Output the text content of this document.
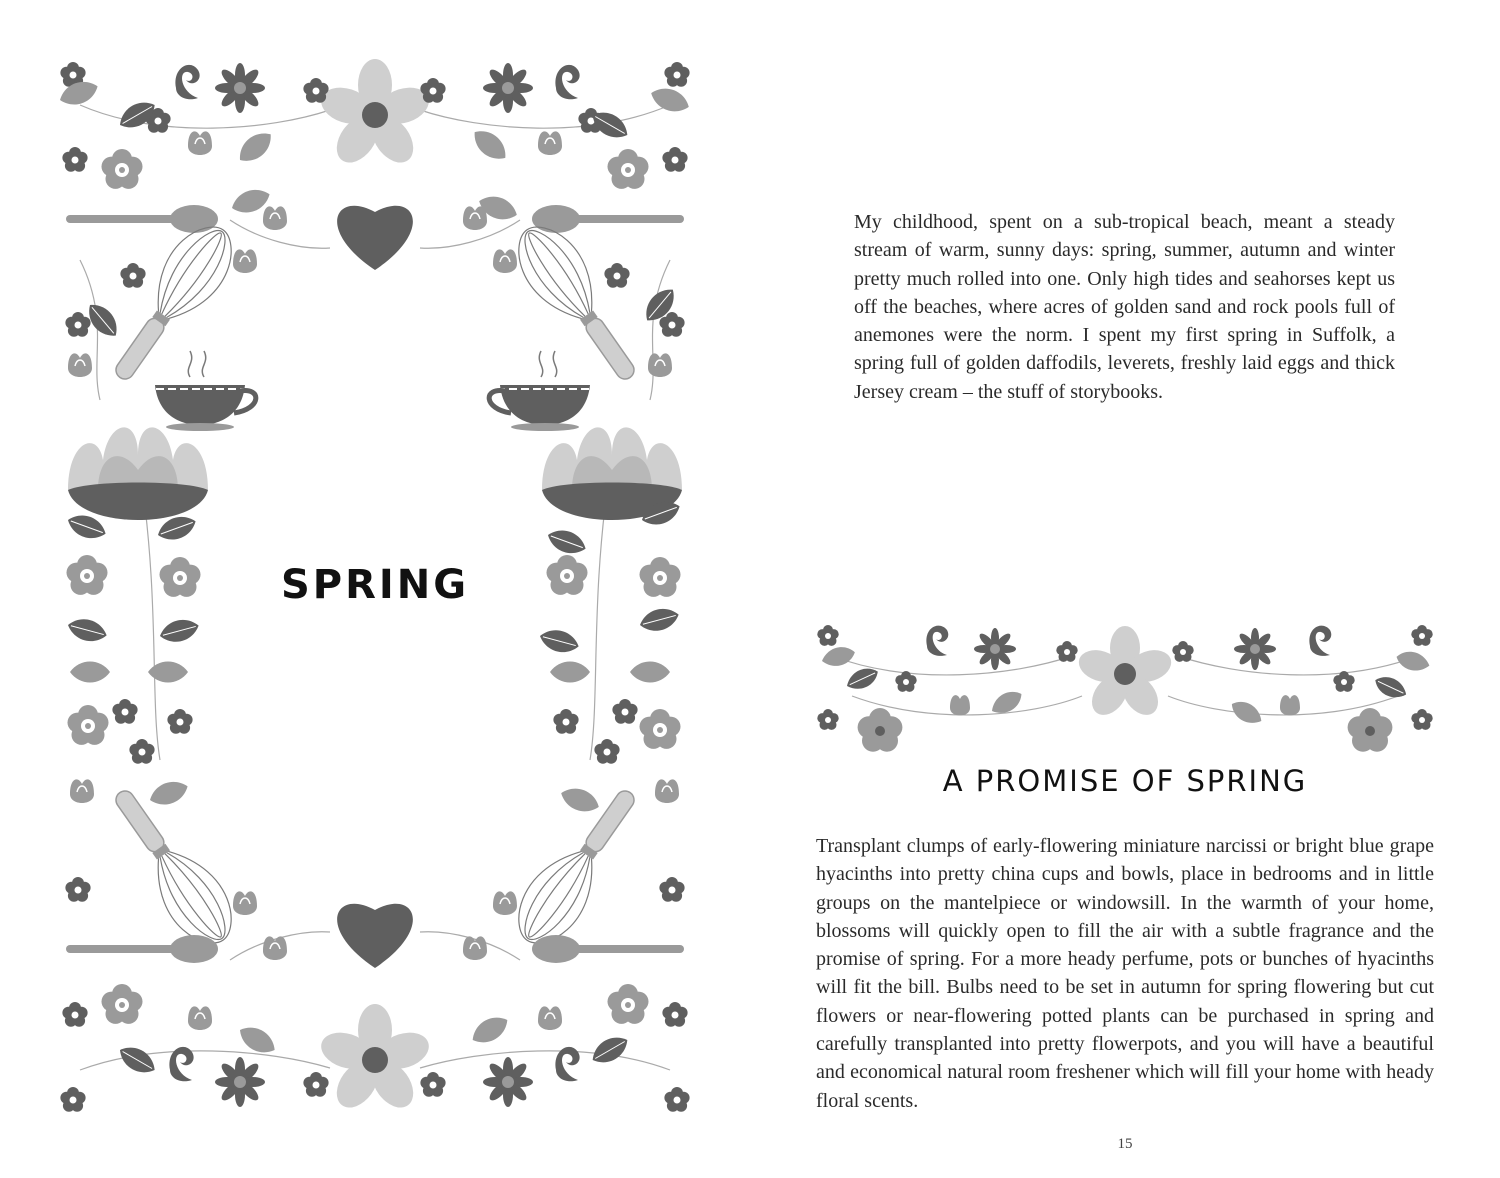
SPRING

My childhood, spent on a sub-tropical beach, meant a steady stream of warm, sunny days: spring, summer, autumn and winter pretty much rolled into one. Only high tides and seahorses kept us off the beaches, where acres of golden sand and rock pools full of anemones were the norm. I spent my first spring in Suffolk, a spring full of golden daffodils, leverets, freshly laid eggs and thick Jersey cream – the stuff of storybooks.

A PROMISE OF SPRING

Transplant clumps of early-flowering miniature narcissi or bright blue grape hyacinths into pretty china cups and bowls, place in bedrooms and in little groups on the mantelpiece or windowsill. In the warmth of your home, blossoms will quickly open to fill the air with a subtle fragrance and the promise of spring. For a more heady perfume, pots or bunches of hyacinths will fit the bill. Bulbs need to be set in autumn for spring flowering but cut flowers or near-flowering potted plants can be purchased in spring and carefully transplanted into pretty flowerpots, and you will have a beautiful and economical natural room freshener which will fill your home with heady floral scents.

15
